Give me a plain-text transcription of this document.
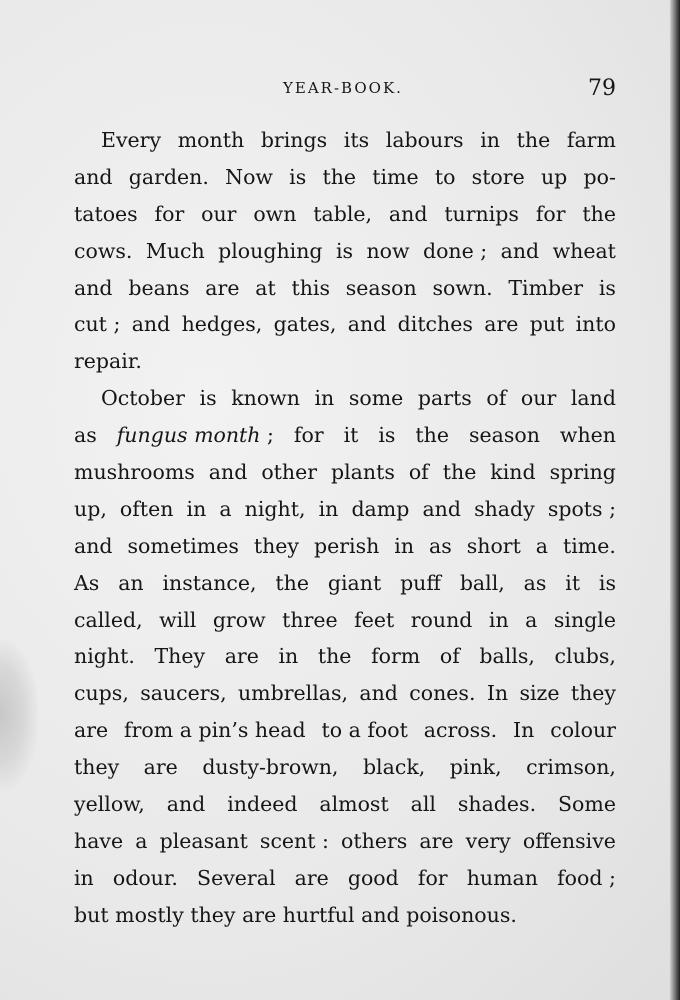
YEAR-BOOK.	79
Every month brings its labours in the farm
and garden. Now is the time to store up po-
tatoes for our own table, and turnips for the
cows. Much ploughing is now done ; and wheat
and beans are at this season sown. Timber is
cut ; and hedges, gates, and ditches are put into
repair.
October is known in some parts of our land
as fungus month ; for it is the season when
mushrooms and other plants of the kind spring
up, often in a night, in damp and shady spots ;
and sometimes they perish in as short a time.
As an instance, the giant puff ball, as it is
called, will grow three feet round in a single
night. They are in the form of balls, clubs,
cups, saucers, umbrellas, and cones. In size they
are from a pin’s head to a foot across. In colour
they are dusty-brown, black, pink, crimson,
yellow, and indeed almost all shades. Some
have a pleasant scent : others are very offensive
in odour. Several are good for human food ;
but mostly they are hurtful and poisonous.
